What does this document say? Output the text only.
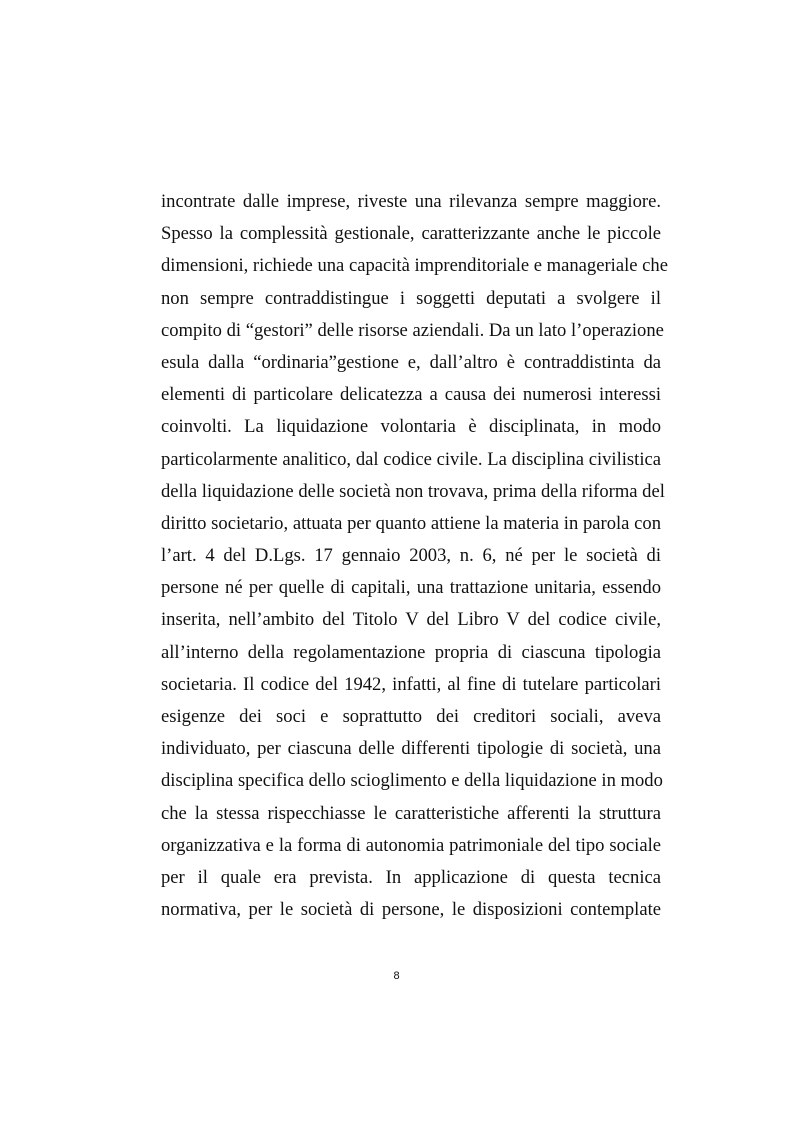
incontrate dalle imprese, riveste una rilevanza sempre maggiore.
Spesso la complessità gestionale, caratterizzante anche le piccole
dimensioni, richiede una capacità imprenditoriale e manageriale che
non sempre contraddistingue i soggetti deputati a svolgere il
compito di “gestori” delle risorse aziendali. Da un lato l’operazione
esula dalla “ordinaria”gestione e, dall’altro è contraddistinta da
elementi di particolare delicatezza a causa dei numerosi interessi
coinvolti. La liquidazione volontaria è disciplinata, in modo
particolarmente analitico, dal codice civile. La disciplina civilistica
della liquidazione delle società non trovava, prima della riforma del
diritto societario, attuata per quanto attiene la materia in parola con
l’art. 4 del D.Lgs. 17 gennaio 2003, n. 6, né per le società di
persone né per quelle di capitali, una trattazione unitaria, essendo
inserita, nell’ambito del Titolo V del Libro V del codice civile,
all’interno della regolamentazione propria di ciascuna tipologia
societaria. Il codice del 1942, infatti, al fine di tutelare particolari
esigenze dei soci e soprattutto dei creditori sociali, aveva
individuato, per ciascuna delle differenti tipologie di società, una
disciplina specifica dello scioglimento e della liquidazione in modo
che la stessa rispecchiasse le caratteristiche afferenti la struttura
organizzativa e la forma di autonomia patrimoniale del tipo sociale
per il quale era prevista. In applicazione di questa tecnica
normativa, per le società di persone, le disposizioni contemplate

8
